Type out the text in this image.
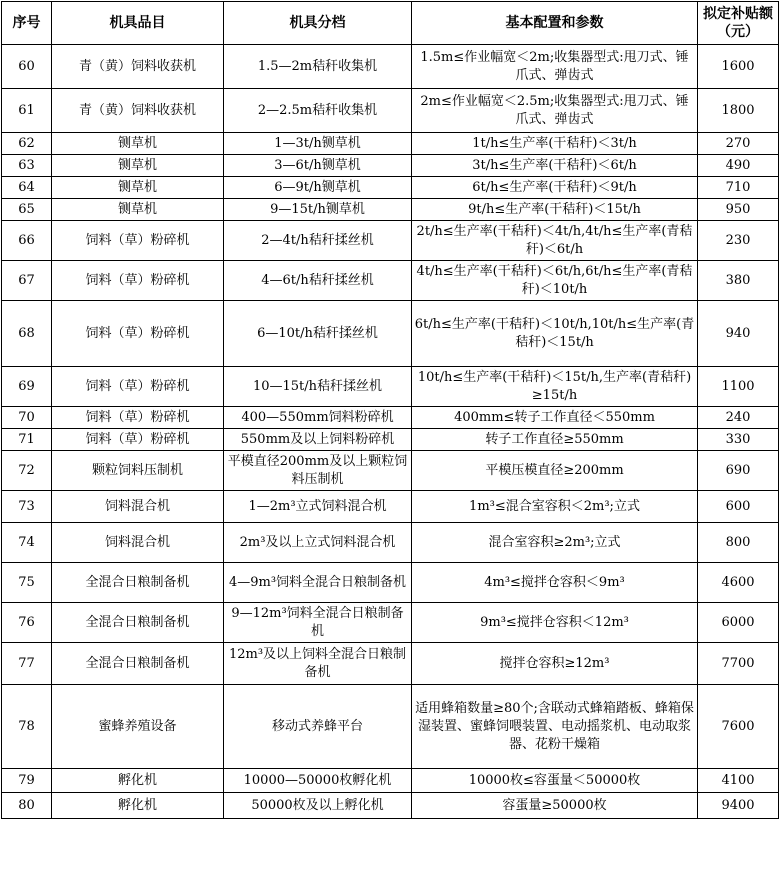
序号	机具品目	机具分档	基本配置和参数	拟定补贴额（元）
60	青（黄）饲料收获机	1.5—2m秸秆收集机	1.5m≤作业幅宽＜2m;收集器型式:甩刀式、锤爪式、弹齿式	1600
61	青（黄）饲料收获机	2—2.5m秸秆收集机	2m≤作业幅宽＜2.5m;收集器型式:甩刀式、锤爪式、弹齿式	1800
62	铡草机	1—3t/h铡草机	1t/h≤生产率(干秸秆)＜3t/h	270
63	铡草机	3—6t/h铡草机	3t/h≤生产率(干秸秆)＜6t/h	490
64	铡草机	6—9t/h铡草机	6t/h≤生产率(干秸秆)＜9t/h	710
65	铡草机	9—15t/h铡草机	9t/h≤生产率(干秸秆)＜15t/h	950
66	饲料（草）粉碎机	2—4t/h秸秆揉丝机	2t/h≤生产率(干秸秆)＜4t/h,4t/h≤生产率(青秸秆)＜6t/h	230
67	饲料（草）粉碎机	4—6t/h秸秆揉丝机	4t/h≤生产率(干秸秆)＜6t/h,6t/h≤生产率(青秸秆)＜10t/h	380
68	饲料（草）粉碎机	6—10t/h秸秆揉丝机	6t/h≤生产率(干秸秆)＜10t/h,10t/h≤生产率(青秸秆)＜15t/h	940
69	饲料（草）粉碎机	10—15t/h秸秆揉丝机	10t/h≤生产率(干秸秆)＜15t/h,生产率(青秸秆)≥15t/h	1100
70	饲料（草）粉碎机	400—550mm饲料粉碎机	400mm≤转子工作直径＜550mm	240
71	饲料（草）粉碎机	550mm及以上饲料粉碎机	转子工作直径≥550mm	330
72	颗粒饲料压制机	平模直径200mm及以上颗粒饲料压制机	平模压模直径≥200mm	690
73	饲料混合机	1—2m³立式饲料混合机	1m³≤混合室容积＜2m³;立式	600
74	饲料混合机	2m³及以上立式饲料混合机	混合室容积≥2m³;立式	800
75	全混合日粮制备机	4—9m³饲料全混合日粮制备机	4m³≤搅拌仓容积＜9m³	4600
76	全混合日粮制备机	9—12m³饲料全混合日粮制备机	9m³≤搅拌仓容积＜12m³	6000
77	全混合日粮制备机	12m³及以上饲料全混合日粮制备机	搅拌仓容积≥12m³	7700
78	蜜蜂养殖设备	移动式养蜂平台	适用蜂箱数量≥80个;含联动式蜂箱踏板、蜂箱保湿装置、蜜蜂饲喂装置、电动摇浆机、电动取浆器、花粉干燥箱	7600
79	孵化机	10000—50000枚孵化机	10000枚≤容蛋量＜50000枚	4100
80	孵化机	50000枚及以上孵化机	容蛋量≥50000枚	9400
